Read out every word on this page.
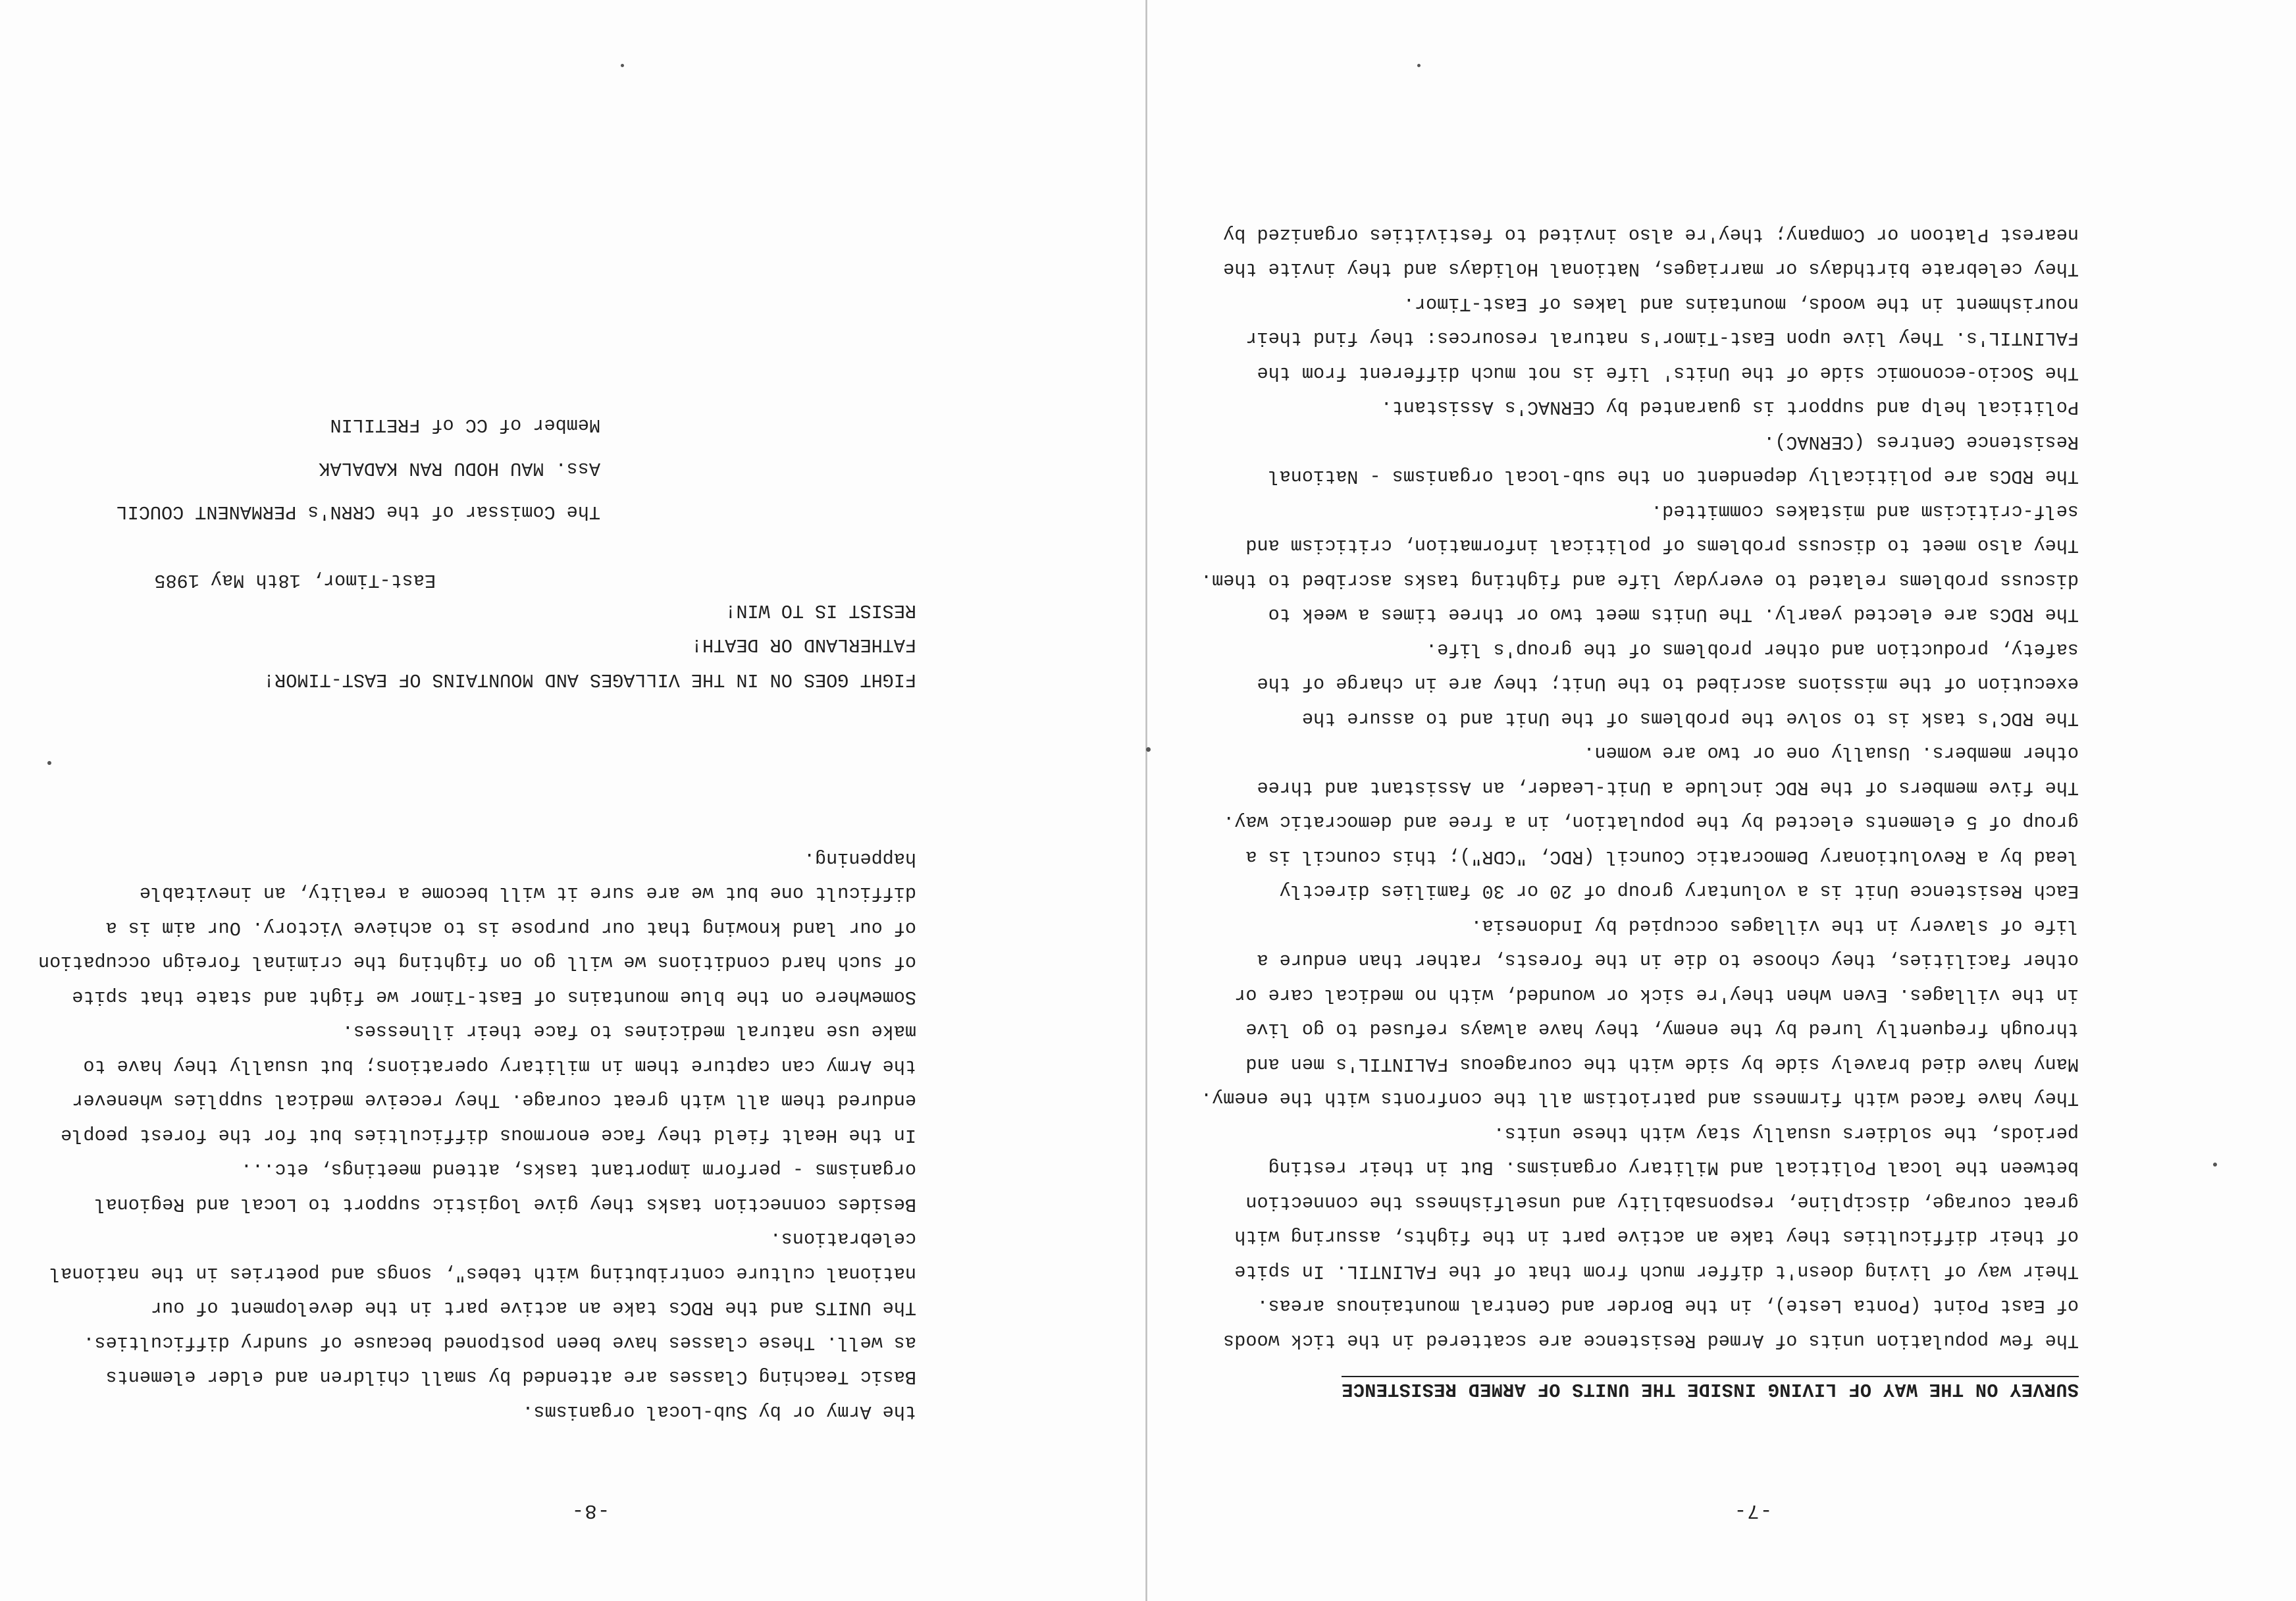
-7-
SURVEY ON THE WAY OF LIVING INSIDE THE UNITS OF ARMED RESISTENCE
The few population units of Armed Resistence are scattered in the tick woods
of East Point (Ponta Leste), in the Border and Central mountainous areas.
Their way of living doesn't differ much from that of the FALINTIL. In spite
of their difficulties they take an active part in the fights, assuring with
great courage, discipline, responsability and unselfishness the connection
between the local Political and Military organisms. But in their resting
periods, the soldiers usually stay with these units.
They have faced with firmness and patriotism all the confronts with the enemy.
Many have died bravely side by side with the courageous FALINTIL's men and
through frequently lured by the enemy, they have always refused to go live
in the villages. Even when they're sick or wounded, with no medical care or
other facilities, they choose to die in the forests, rather than endure a
life of slavery in the villages occupied by Indonesia.
Each Resistence Unit is a voluntary group of 20 or 30 families directly
lead by a Revolutionary Democratic Council (RDC, "CDR"); this council is a
group of 5 elements elected by the population, in a free and democratic way.
The five members of the RDC include a Unit-Leader, an Assistant and three
other members. Usually one or two are women.
The RDC's task is to solve the problems of the Unit and to assure the
execution of the missions ascribed to the Unit; they are in charge of the
safety, production and other problems of the group's life.
The RDCs are elected yearly. The Units meet two or three times a week to
discuss problems related to everyday life and fighting tasks ascribed to them.
They also meet to discuss problems of political information, criticism and
self-criticism and mistakes committed.
The RDCs are politically dependent on the sub-local organisms - National
Resistence Centres (CERNAC).
Political help and support is guaranted by CERNAC's Assistant.
The Socio-economic side of the Units' life is not much different from the
FALINTIL's. They live upon East-Timor's natural resources: they find their
nourishment in the woods, mountains and lakes of East-Timor.
They celebrate birthdays or marriages, National Holidays and they invite the
nearest Platoon or Company; they're also invited to festivities organized by
-8-
the Army or by Sub-Local organisms.
Basic Teaching Classes are attended by small children and elder elements
as well. These classes have been postponed because of sundry difficulties.
The UNITS and the RDCs take an active part in the development of our
national culture contributing with tebes", songs and poetries in the national
celebrations.
Besides connection tasks they give logistic support to Local and Regional
organisms - perform important tasks, attend meetings, etc...
In the Healt field they face enormous difficulties but for the forest people
endured them all with great courage. They receive medical supplies whenever
the Army can capture them in military operations; but usually they have to
make use natural medicines to face their illnesses.
Somewhere on the blue mountains of East-Timor we fight and state that spite
of such hard conditions we will go on fighting the criminal foreign occupation
of our land knowing that our purpose is to achieve Victory. Our aim is a
difficult one but we are sure it will become a reality, an inevitable
happening.
FIGHT GOES ON IN THE VILLAGES AND MOUNTAINS OF EAST-TIMOR!
FATHERLAND OR DEATH!
RESIST IS TO WIN!
East-Timor, 18th May 1985
The Comissar of the CRRN's PERMANENT COUCIL
Ass. MAU HODU RAN KADALAK
Member of CC of FRETILIN
